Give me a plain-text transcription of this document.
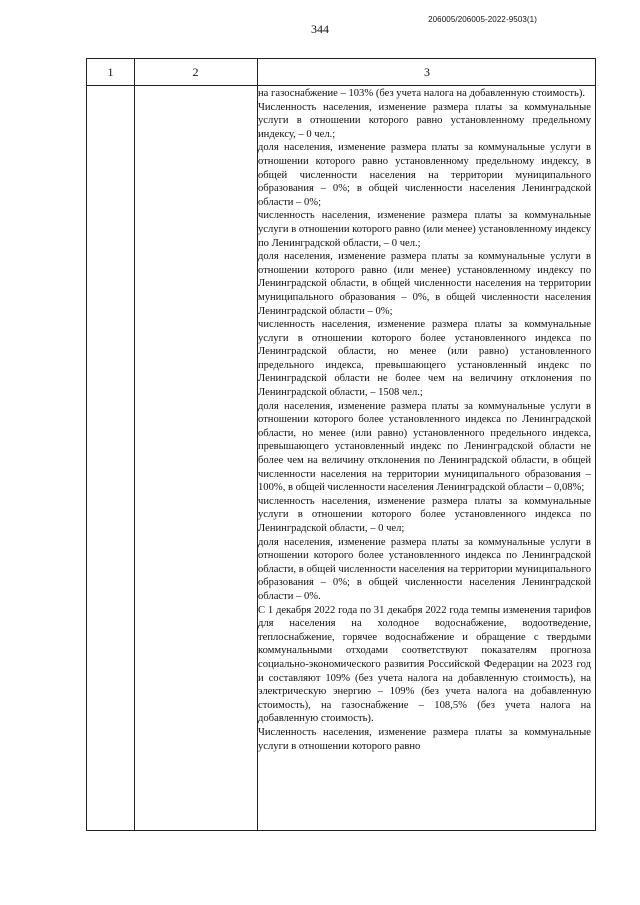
344
206005/206005-2022-9503(1)
1	2	3

на газоснабжение – 103% (без учета налога на добавленную стоимость).

Численность населения, изменение размера платы за коммунальные услуги в отношении которого равно установленному предельному индексу, – 0 чел.;

доля населения, изменение размера платы за коммунальные услуги в отношении которого равно установленному предельному индексу, в общей численности населения на территории муниципального образования – 0%; в общей численности населения Ленинградской области – 0%;

численность населения, изменение размера платы за коммунальные услуги в отношении которого равно (или менее) установленному индексу по Ленинградской области, – 0 чел.;

доля населения, изменение размера платы за коммунальные услуги в отношении которого равно (или менее) установленному индексу по Ленинградской области, в общей численности населения на территории муниципального образования – 0%, в общей численности населения Ленинградской области – 0%;

численность населения, изменение размера платы за коммунальные услуги в отношении которого более установленного индекса по Ленинградской области, но менее (или равно) установленного предельного индекса, превышающего установленный индекс по Ленинградской области не более чем на величину отклонения по Ленинградской области, – 1508 чел.;

доля населения, изменение размера платы за коммунальные услуги в отношении которого более установленного индекса по Ленинградской области, но менее (или равно) установленного предельного индекса, превышающего установленный индекс по Ленинградской области не более чем на величину отклонения по Ленинградской области, в общей численности населения на территории муниципального образования – 100%, в общей численности населения Ленинградской области – 0,08%;

численность населения, изменение размера платы за коммунальные услуги в отношении которого более установленного индекса по Ленинградской области, – 0 чел;

доля населения, изменение размера платы за коммунальные услуги в отношении которого более установленного индекса по Ленинградской области, в общей численности населения на территории муниципального образования – 0%; в общей численности населения Ленинградской области – 0%.

С 1 декабря 2022 года по 31 декабря 2022 года темпы изменения тарифов для населения на холодное водоснабжение, водоотведение, теплоснабжение, горячее водоснабжение и обращение с твердыми коммунальными отходами соответствуют показателям прогноза социально-экономического развития Российской Федерации на 2023 год и составляют 109% (без учета налога на добавленную стоимость), на электрическую энергию – 109% (без учета налога на добавленную стоимость), на газоснабжение – 108,5% (без учета налога на добавленную стоимость).

Численность населения, изменение размера платы за коммунальные услуги в отношении которого равно
